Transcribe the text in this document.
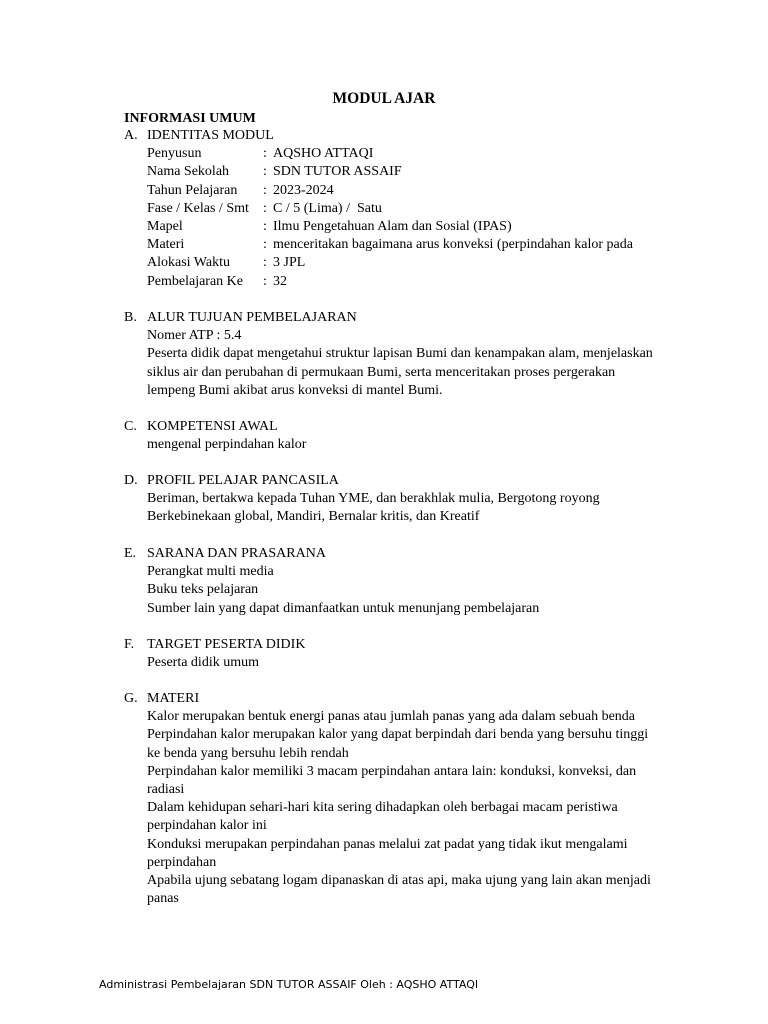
MODUL AJAR
INFORMASI UMUM
A. IDENTITAS MODUL
Penyusun	: AQSHO ATTAQI
Nama Sekolah	: SDN TUTOR ASSAIF
Tahun Pelajaran	: 2023-2024
Fase / Kelas / Smt	: C / 5 (Lima) /  Satu
Mapel	: Ilmu Pengetahuan Alam dan Sosial (IPAS)
Materi	: menceritakan bagaimana arus konveksi (perpindahan kalor pada
Alokasi Waktu	: 3 JPL
Pembelajaran Ke	: 32
B. ALUR TUJUAN PEMBELAJARAN

Nomer ATP : 5.4

Peserta didik dapat mengetahui struktur lapisan Bumi dan kenampakan alam, menjelaskan siklus air dan perubahan di permukaan Bumi, serta menceritakan proses pergerakan lempeng Bumi akibat arus konveksi di mantel Bumi.

C. KOMPETENSI AWAL

mengenal perpindahan kalor

D. PROFIL PELAJAR PANCASILA

Beriman, bertakwa kepada Tuhan YME, dan berakhlak mulia, Bergotong royong

Berkebinekaan global, Mandiri, Bernalar kritis, dan Kreatif

E. SARANA DAN PRASARANA

Perangkat multi media

Buku teks pelajaran

Sumber lain yang dapat dimanfaatkan untuk menunjang pembelajaran

F. TARGET PESERTA DIDIK

Peserta didik umum

G. MATERI

Kalor merupakan bentuk energi panas atau jumlah panas yang ada dalam sebuah benda

Perpindahan kalor merupakan kalor yang dapat berpindah dari benda yang bersuhu tinggi ke benda yang bersuhu lebih rendah

Perpindahan kalor memiliki 3 macam perpindahan antara lain: konduksi, konveksi, dan radiasi

Dalam kehidupan sehari-hari kita sering dihadapkan oleh berbagai macam peristiwa perpindahan kalor ini

Konduksi merupakan perpindahan panas melalui zat padat yang tidak ikut mengalami perpindahan

Apabila ujung sebatang logam dipanaskan di atas api, maka ujung yang lain akan menjadi panas

Administrasi Pembelajaran SDN TUTOR ASSAIF Oleh : AQSHO ATTAQI
